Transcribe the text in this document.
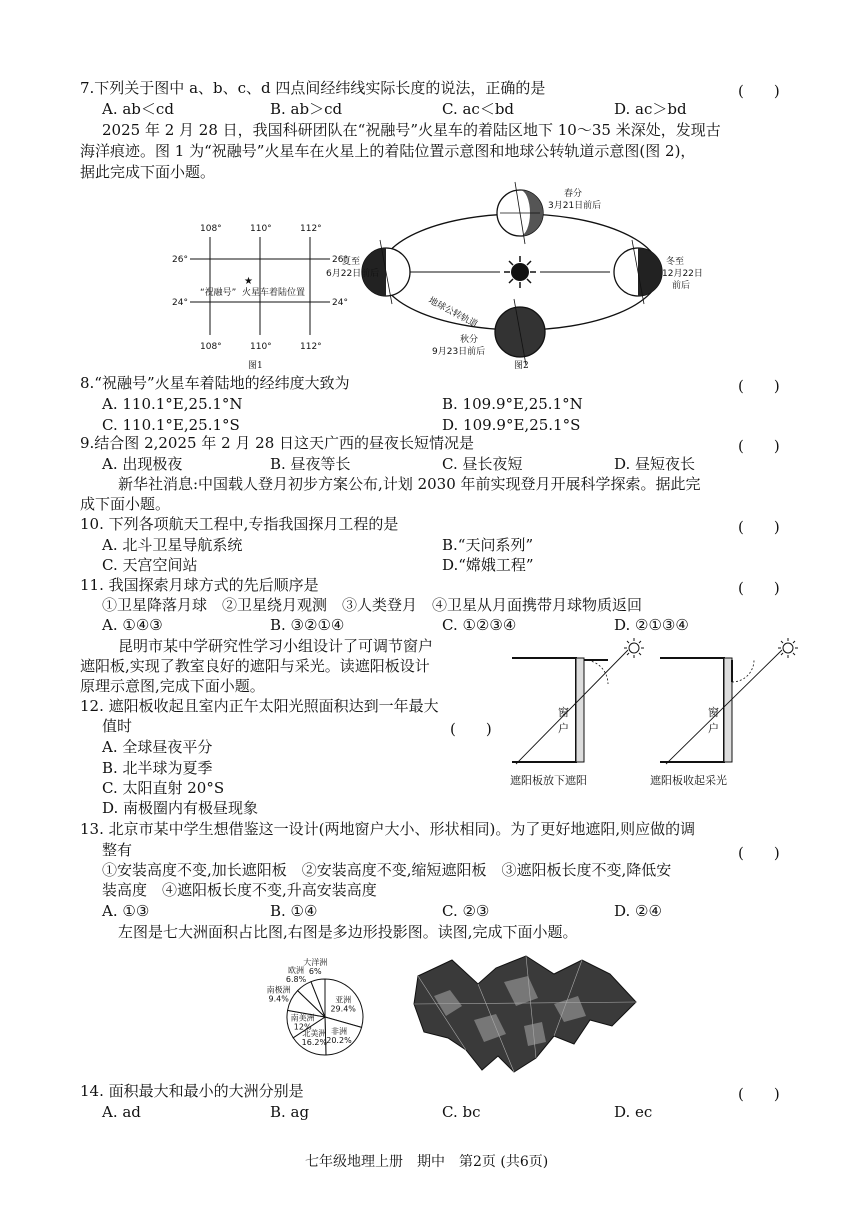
7.下列关于图中 a、b、c、d 四点间经纬线实际长度的说法，正确的是	(　　)
A. ab＜cd	B. ab＞cd	C. ac＜bd	D. ac＞bd
2025 年 2 月 28 日，我国科研团队在“祝融号”火星车的着陆区地下 10～35 米深处，发现古
海洋痕迹。图 1 为“祝融号”火星车在火星上的着陆位置示意图和地球公转轨道示意图(图 2)，
据此完成下面小题。
108°	110°	112°
108°	110°	112°
26°
24°
26°
24°
★
“祝融号” 火星车着陆位置
图1
春分
3月21日前后
夏至
6月22日前后
冬至
12月22日
前后
秋分
9月23日前后
地球公转轨道
图2
8.“祝融号”火星车着陆地的经纬度大致为	(　　)
A. 110.1°E,25.1°N	B. 109.9°E,25.1°N
C. 110.1°E,25.1°S	D. 109.9°E,25.1°S
9.结合图 2,2025 年 2 月 28 日这天广西的昼夜长短情况是	(　　)
A. 出现极夜	B. 昼夜等长	C. 昼长夜短	D. 昼短夜长
新华社消息:中国载人登月初步方案公布,计划 2030 年前实现登月开展科学探索。据此完
成下面小题。
10. 下列各项航天工程中,专指我国探月工程的是	(　　)
A. 北斗卫星导航系统	B.“天问系列”
C. 天宫空间站	D.“嫦娥工程”
11. 我国探索月球方式的先后顺序是	(　　)
①卫星降落月球　②卫星绕月观测　③人类登月　④卫星从月面携带月球物质返回
A. ①④③	B. ③②①④	C. ①②③④	D. ②①③④
昆明市某中学研究性学习小组设计了可调节窗户
遮阳板,实现了教室良好的遮阳与采光。读遮阳板设计
原理示意图,完成下面小题。
窗
户
窗
户
遮阳板放下遮阳	遮阳板收起采光
12. 遮阳板收起且室内正午太阳光照面积达到一年最大
(　　)
值时
A. 全球昼夜平分
B. 北半球为夏季
C. 太阳直射 20°S
D. 南极圈内有极昼现象
13. 北京市某中学生想借鉴这一设计(两地窗户大小、形状相同)。为了更好地遮阳,则应做的调
整有	(　　)
①安装高度不变,加长遮阳板　②安装高度不变,缩短遮阳板　③遮阳板长度不变,降低安
装高度　④遮阳板长度不变,升高安装高度
A. ①③	B. ①④	C. ②③	D. ②④
左图是七大洲面积占比图,右图是多边形投影图。读图,完成下面小题。
亚洲
29.4%
非洲
20.2%
北美洲
16.2%
南美洲
12%
南极洲
9.4%
欧洲
6.8%
大洋洲
6%
14. 面积最大和最小的大洲分别是	(　　)
A. ad	B. ag	C. bc	D. ec
七年级地理上册　期中　第2页 (共6页)
